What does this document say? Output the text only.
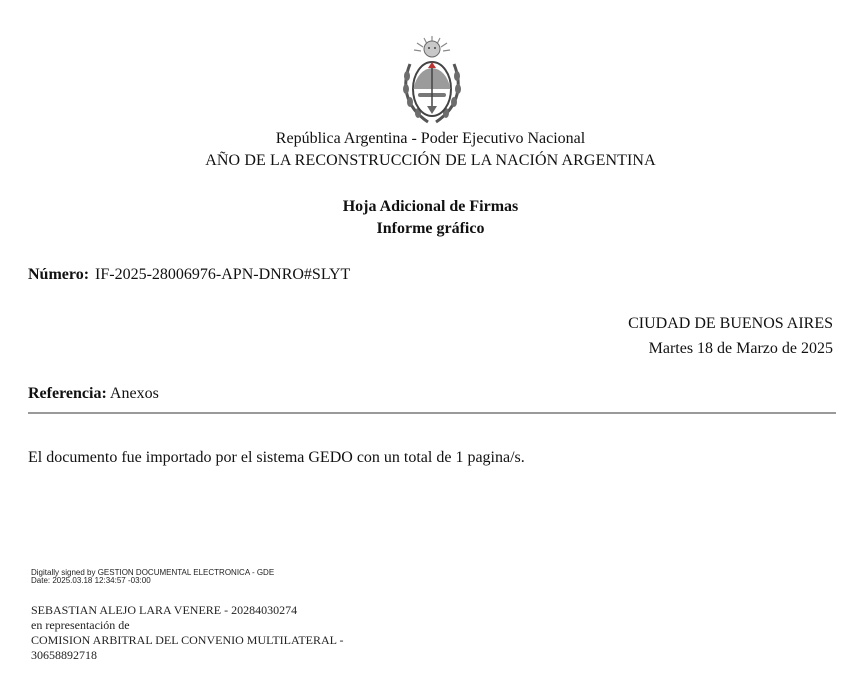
República Argentina - Poder Ejecutivo Nacional
AÑO DE LA RECONSTRUCCIÓN DE LA NACIÓN ARGENTINA
Hoja Adicional de Firmas
Informe gráfico
Número: IF-2025-28006976-APN-DNRO#SLYT
CIUDAD DE BUENOS AIRES
Martes 18 de Marzo de 2025
Referencia: Anexos
El documento fue importado por el sistema GEDO con un total de 1 pagina/s.
Digitally signed by GESTION DOCUMENTAL ELECTRONICA - GDE
Date: 2025.03.18 12:34:57 -03:00
SEBASTIAN ALEJO LARA VENERE - 20284030274
en representación de
COMISION ARBITRAL DEL CONVENIO MULTILATERAL -
30658892718
